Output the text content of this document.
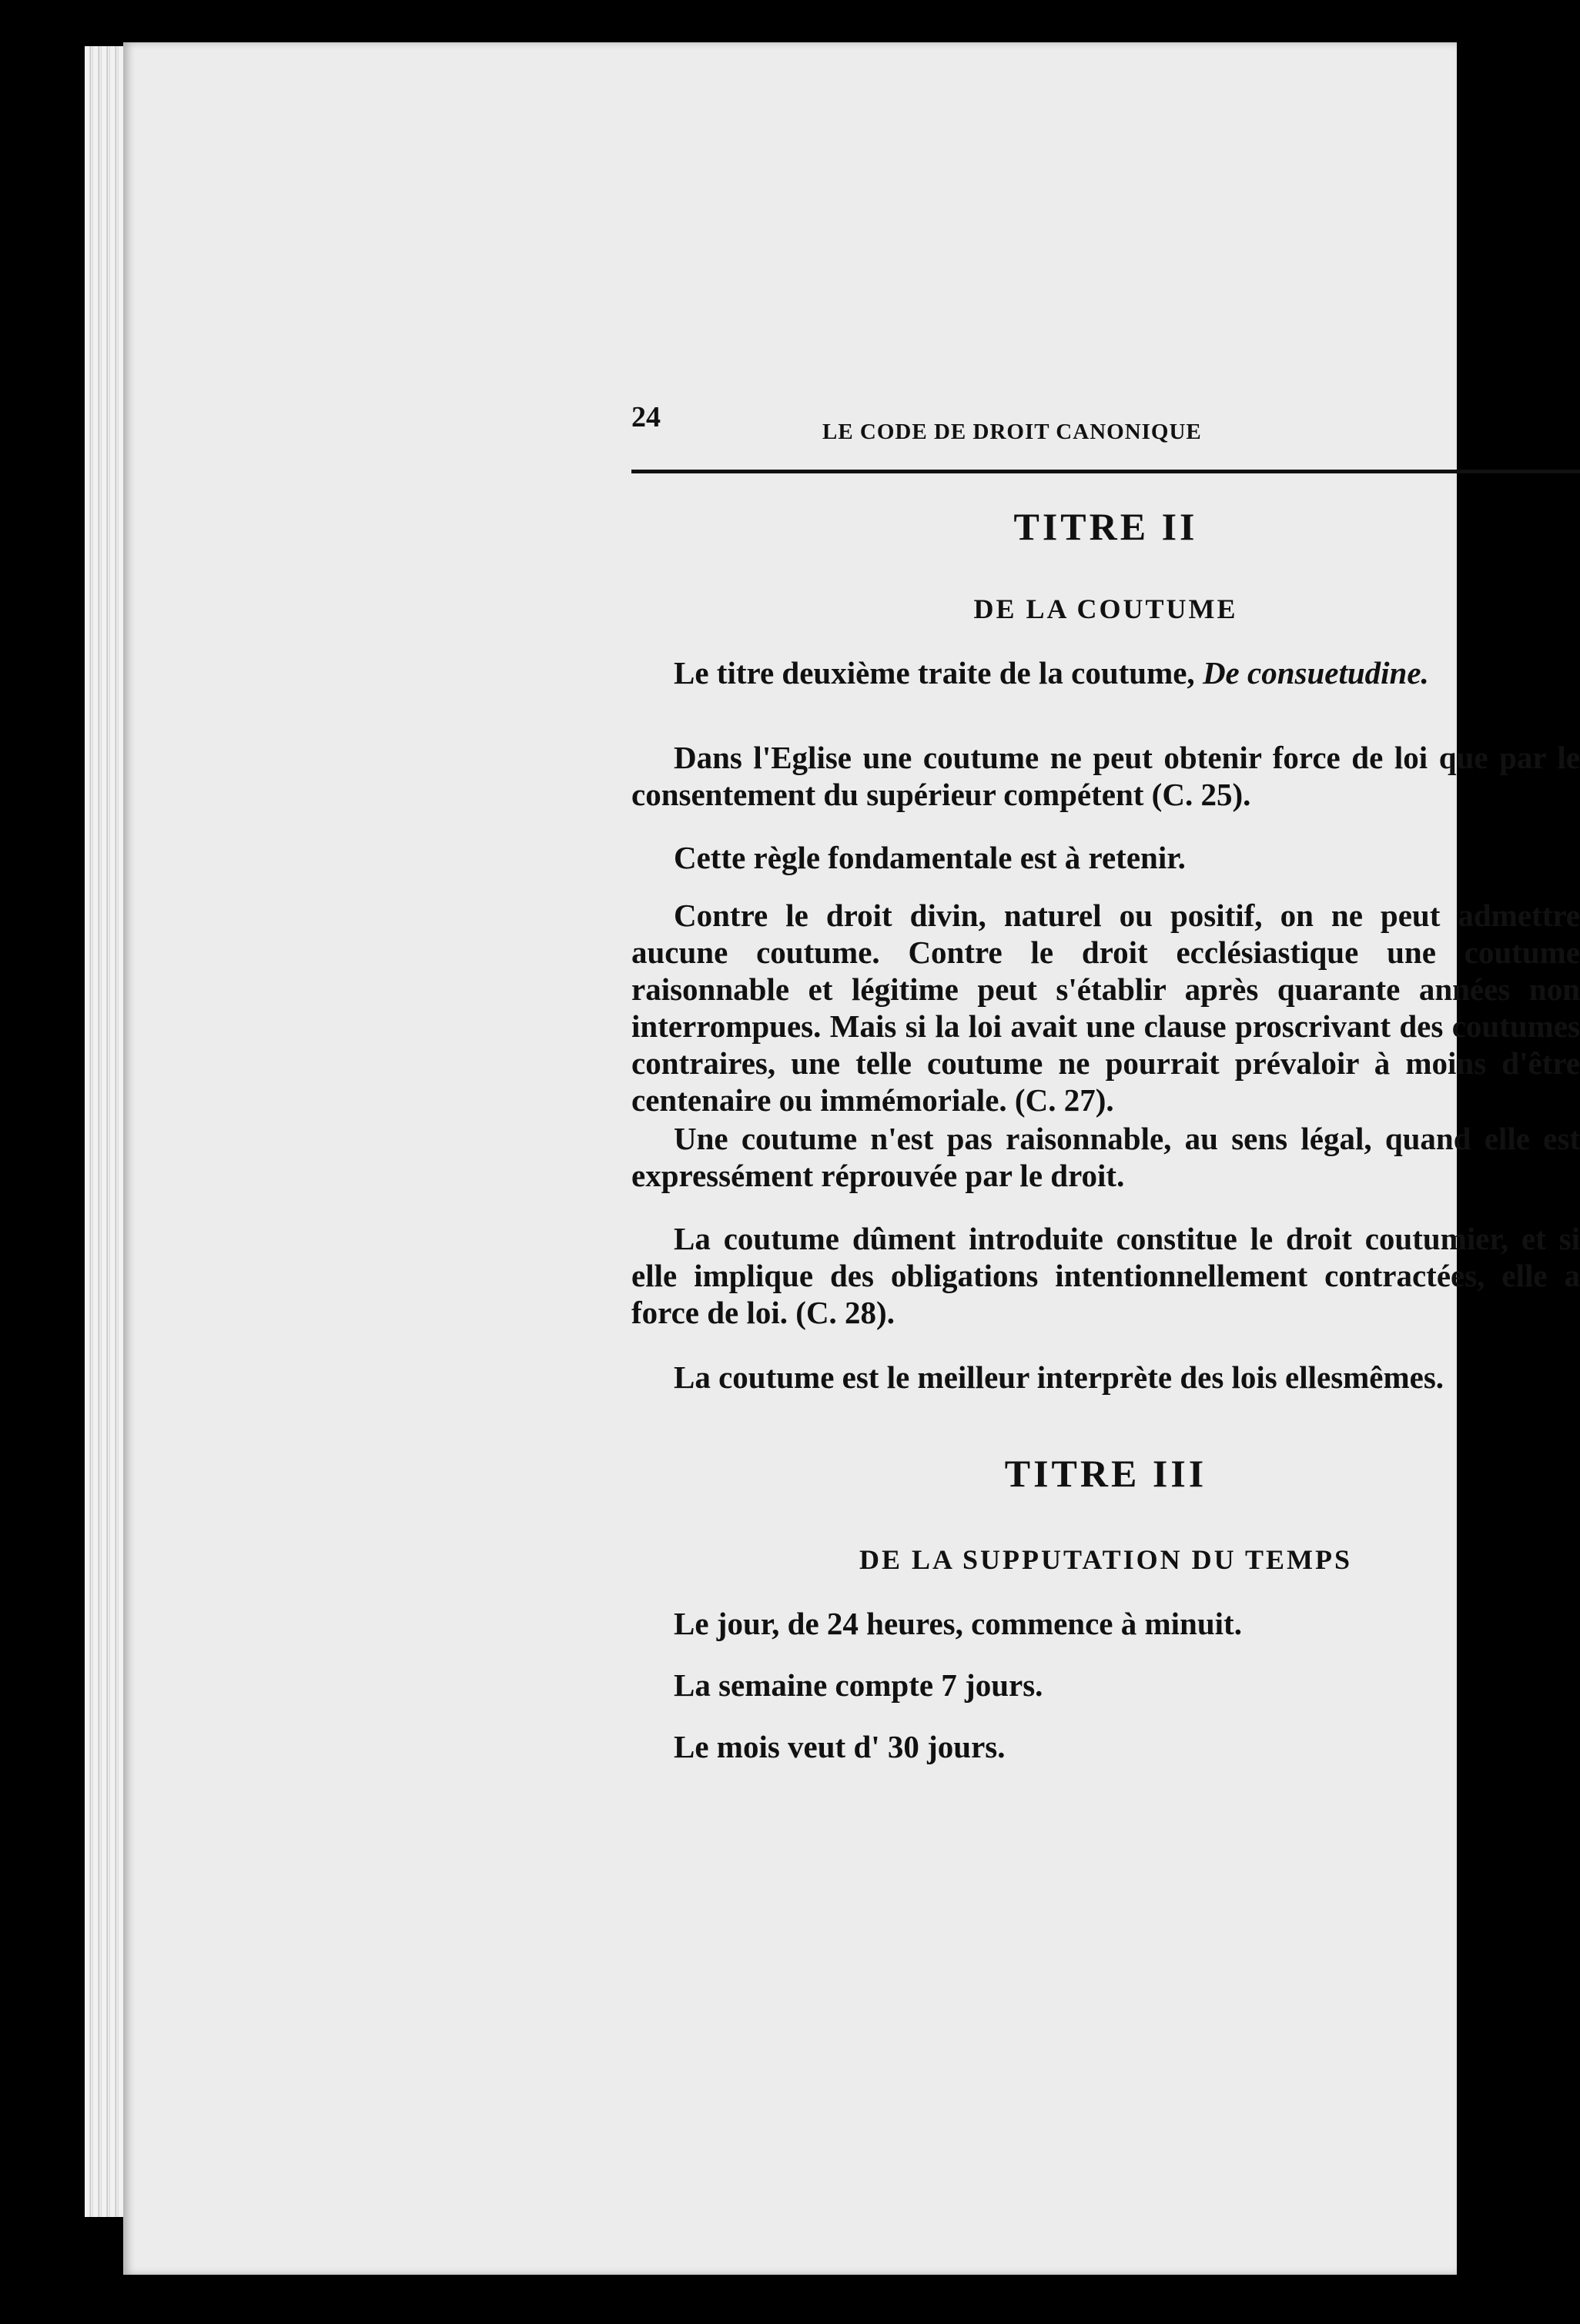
24	LE CODE DE DROIT CANONIQUE
TITRE II
DE LA COUTUME
Le titre deuxième traite de la coutume, De consuetudine.
Dans l'Eglise une coutume ne peut obtenir force de loi que par le consentement du supérieur compétent (C. 25).
Cette règle fondamentale est à retenir.
Contre le droit divin, naturel ou positif, on ne peut admettre aucune coutume. Contre le droit ecclésiastique une coutume raisonnable et légitime peut s'établir après quarante années non interrompues. Mais si la loi avait une clause proscrivant des coutumes contraires, une telle coutume ne pourrait prévaloir à moins d'être centenaire ou immémoriale. (C. 27).
Une coutume n'est pas raisonnable, au sens légal, quand elle est expressément réprouvée par le droit.
La coutume dûment introduite constitue le droit coutumier, et si elle implique des obligations intentionnellement contractées, elle a force de loi. (C. 28).
La coutume est le meilleur interprète des lois ellesmêmes.
TITRE III
DE LA SUPPUTATION DU TEMPS
Le jour, de 24 heures, commence à minuit.
La semaine compte 7 jours.
Le mois veut d' 30 jours.
